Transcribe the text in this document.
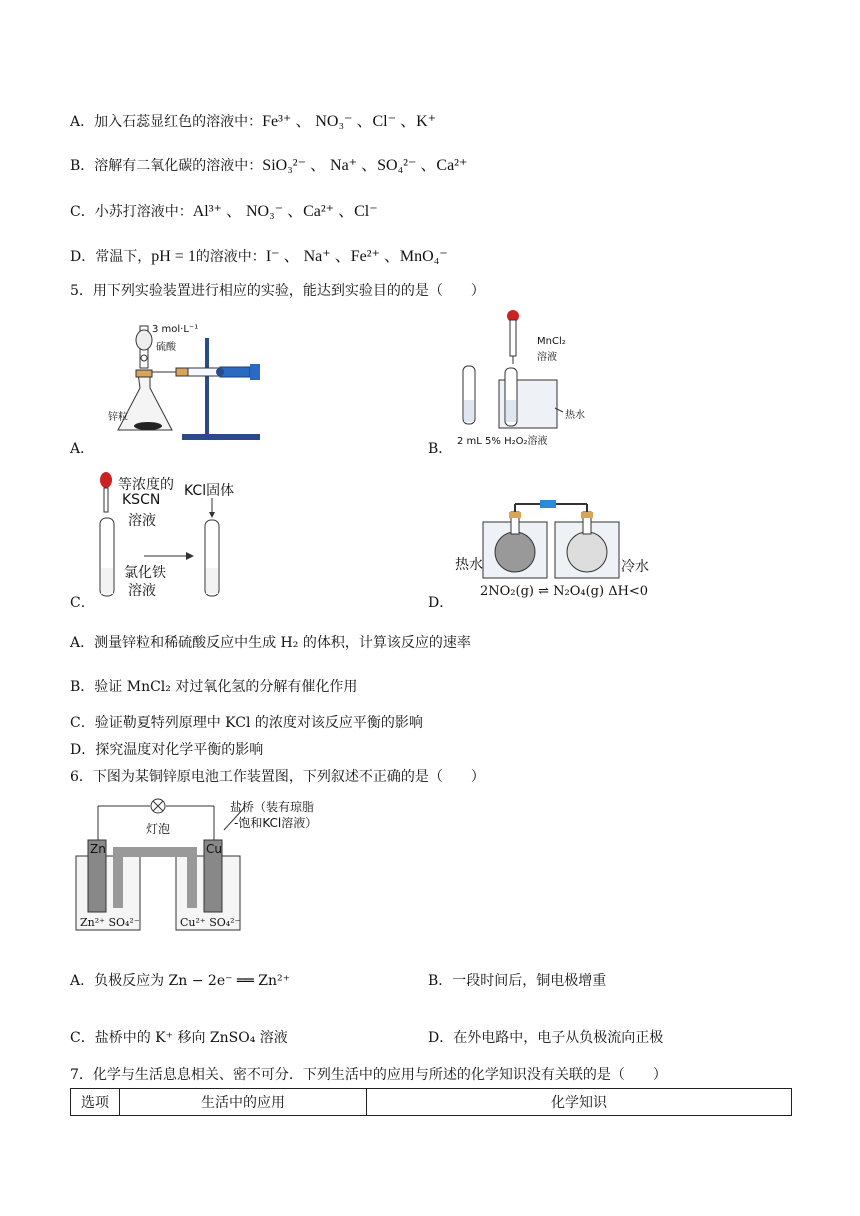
A．加入石蕊显红色的溶液中：Fe³⁺ 、 NO₃⁻ 、Cl⁻ 、K⁺
B．溶解有二氧化碳的溶液中：SiO₃²⁻ 、 Na⁺ 、SO₄²⁻ 、Ca²⁺
C．小苏打溶液中：Al³⁺ 、 NO₃⁻ 、Ca²⁺ 、Cl⁻
D．常温下，pH = 1的溶液中：I⁻ 、 Na⁺ 、Fe²⁺ 、MnO₄⁻
5．用下列实验装置进行相应的实验，能达到实验目的的是（　　）
3 mol·L⁻¹
硫酸
锌粒
A．
MnCl₂
溶液
热水
2 mL 5% H₂O₂溶液
B．
等浓度的
KSCN
溶液
KCl固体
氯化铁
溶液
C．
热水	冷水
D．
2NO₂(g) ⇌ N₂O₄(g) ΔH<0
A．测量锌粒和稀硫酸反应中生成 H₂ 的体积，计算该反应的速率
B．验证 MnCl₂ 对过氧化氢的分解有催化作用
C．验证勒夏特列原理中 KCl 的浓度对该反应平衡的影响
D．探究温度对化学平衡的影响
6．下图为某铜锌原电池工作装置图，下列叙述不正确的是（　　）
Zn	Cu
灯泡
盐桥（装有琼脂
-饱和KCl溶液）
Zn²⁺ SO₄²⁻	Cu²⁺ SO₄²⁻
A．负极反应为 Zn − 2e⁻ ══ Zn²⁺	B．一段时间后，铜电极增重
C．盐桥中的 K⁺ 移向 ZnSO₄ 溶液	D．在外电路中，电子从负极流向正极
7．化学与生活息息相关、密不可分．下列生活中的应用与所述的化学知识没有关联的是（　　）
选项	生活中的应用	化学知识
